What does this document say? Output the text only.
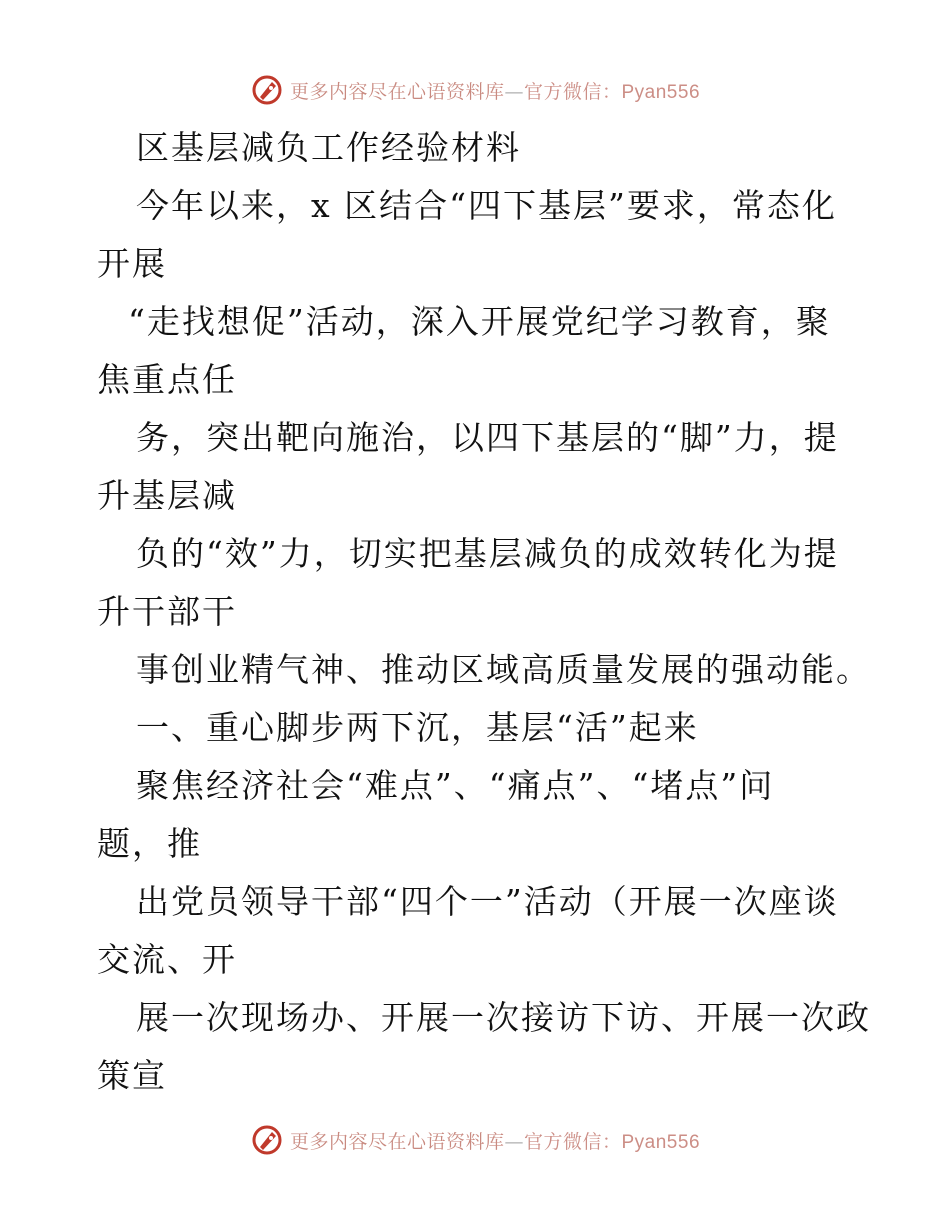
更多内容尽在心语资料库—官方微信：Pyan556
区基层减负工作经验材料
今年以来，x 区结合“四下基层”要求，常态化
开展
“走找想促”活动，深入开展党纪学习教育，聚
焦重点任
务，突出靶向施治，以四下基层的“脚”力，提
升基层减
负的“效”力，切实把基层减负的成效转化为提
升干部干
事创业精气神、推动区域高质量发展的强动能。
一、重心脚步两下沉，基层“活”起来
聚焦经济社会“难点”、“痛点”、“堵点”问
题，推
出党员领导干部“四个一”活动（开展一次座谈
交流、开
展一次现场办、开展一次接访下访、开展一次政
策宣
更多内容尽在心语资料库—官方微信：Pyan556
